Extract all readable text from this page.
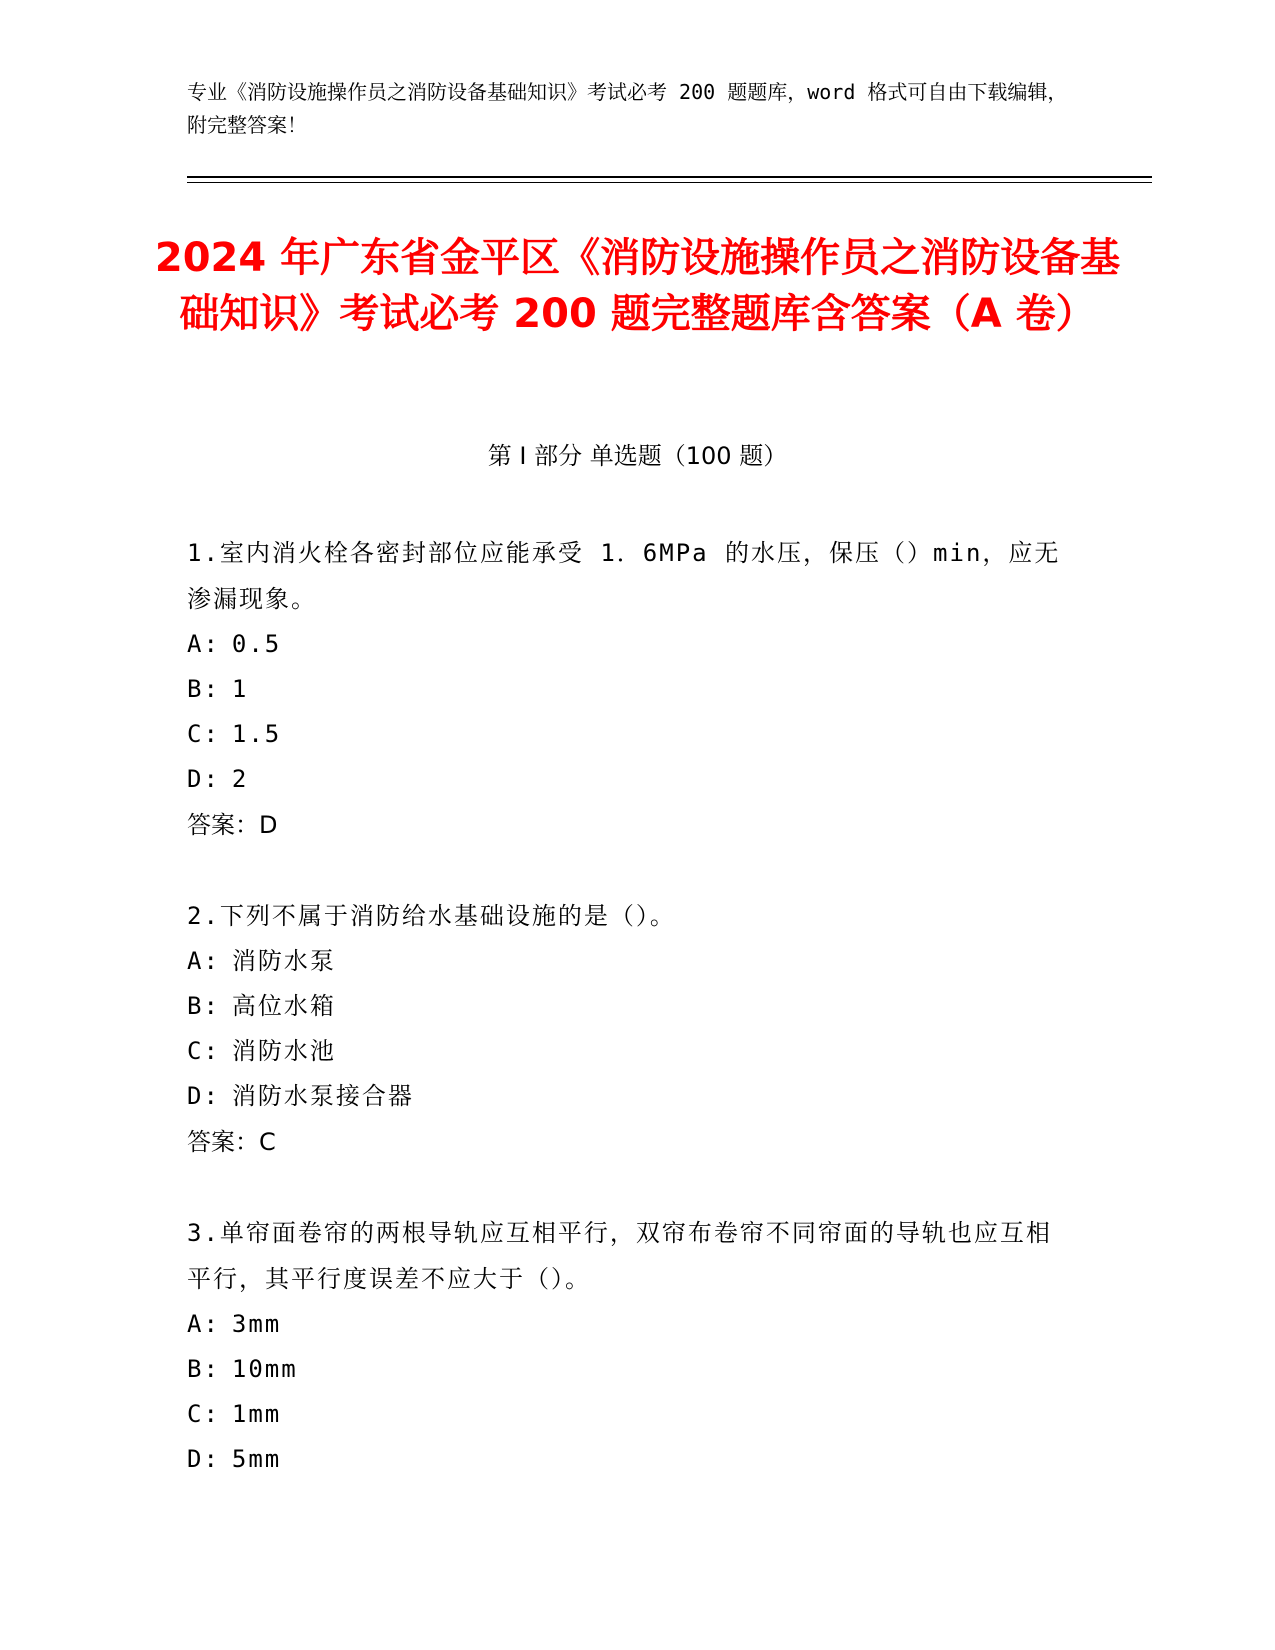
专业《消防设施操作员之消防设备基础知识》考试必考 200 题题库，word 格式可自由下载编辑，附完整答案！
2024 年广东省金平区《消防设施操作员之消防设备基础知识》考试必考 200 题完整题库含答案（A 卷）
第 I 部分 单选题（100 题）
1.室内消火栓各密封部位应能承受 1．6MPa 的水压，保压（）min，应无渗漏现象。
A: 0.5
B: 1
C: 1.5
D: 2
答案：D
2.下列不属于消防给水基础设施的是（）。
A: 消防水泵
B: 高位水箱
C: 消防水池
D: 消防水泵接合器
答案：C
3.单帘面卷帘的两根导轨应互相平行，双帘布卷帘不同帘面的导轨也应互相平行，其平行度误差不应大于（）。
A: 3mm
B: 10mm
C: 1mm
D: 5mm
